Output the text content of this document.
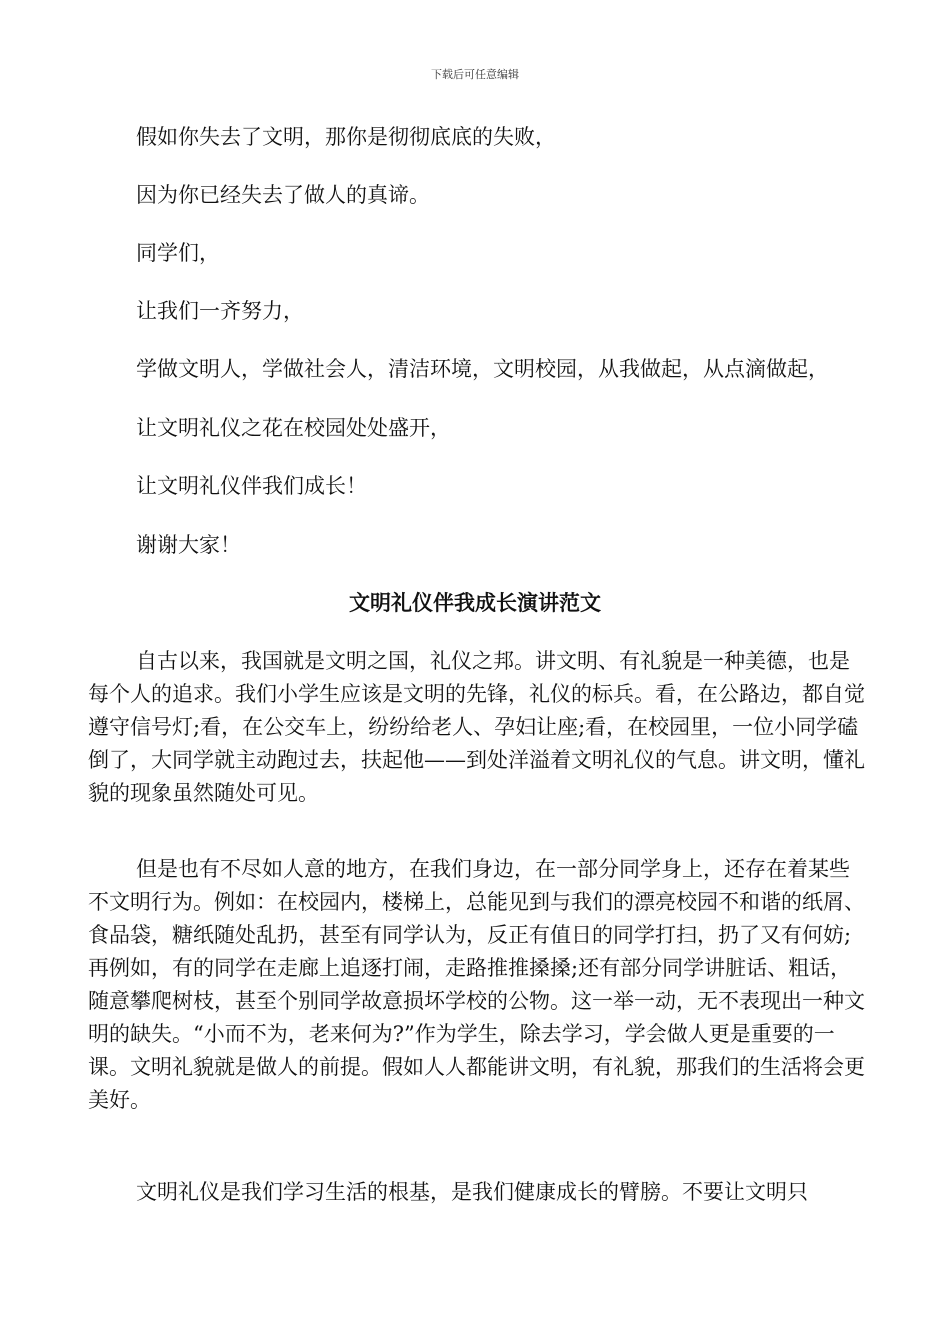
下载后可任意编辑
假如你失去了文明，那你是彻彻底底的失败，
因为你已经失去了做人的真谛。
同学们，
让我们一齐努力，
学做文明人，学做社会人，清洁环境，文明校园，从我做起，从点滴做起，
让文明礼仪之花在校园处处盛开，
让文明礼仪伴我们成长！
谢谢大家！
文明礼仪伴我成长演讲范文

自古以来，我国就是文明之国，礼仪之邦。讲文明、有礼貌是一种美德，也是每个人的追求。我们小学生应该是文明的先锋，礼仪的标兵。看，在公路边，都自觉遵守信号灯;看，在公交车上，纷纷给老人、孕妇让座;看，在校园里，一位小同学磕倒了，大同学就主动跑过去，扶起他——到处洋溢着文明礼仪的气息。讲文明，懂礼貌的现象虽然随处可见。

但是也有不尽如人意的地方，在我们身边，在一部分同学身上，还存在着某些不文明行为。例如：在校园内，楼梯上，总能见到与我们的漂亮校园不和谐的纸屑、食品袋，糖纸随处乱扔，甚至有同学认为，反正有值日的同学打扫，扔了又有何妨;再例如，有的同学在走廊上追逐打闹，走路推推搡搡;还有部分同学讲脏话、粗话，随意攀爬树枝，甚至个别同学故意损坏学校的公物。这一举一动，无不表现出一种文明的缺失。“小而不为，老来何为?”作为学生，除去学习，学会做人更是重要的一课。文明礼貌就是做人的前提。假如人人都能讲文明，有礼貌，那我们的生活将会更美好。

文明礼仪是我们学习生活的根基，是我们健康成长的臂膀。不要让文明只
